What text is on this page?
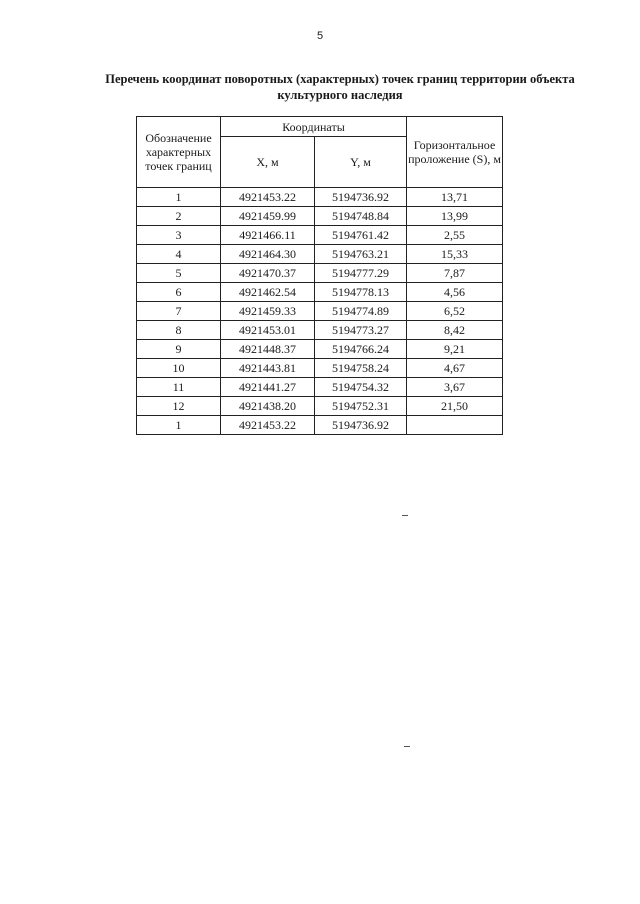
5
Перечень координат поворотных (характерных) точек границ территории объекта культурного наследия
Обозначение характерных точек границ	Координаты		Горизонтальное проложение (S), м
	X, м	Y, м	
1	4921453.22	5194736.92	13,71
2	4921459.99	5194748.84	13,99
3	4921466.11	5194761.42	2,55
4	4921464.30	5194763.21	15,33
5	4921470.37	5194777.29	7,87
6	4921462.54	5194778.13	4,56
7	4921459.33	5194774.89	6,52
8	4921453.01	5194773.27	8,42
9	4921448.37	5194766.24	9,21
10	4921443.81	5194758.24	4,67
11	4921441.27	5194754.32	3,67
12	4921438.20	5194752.31	21,50
1	4921453.22	5194736.92	
